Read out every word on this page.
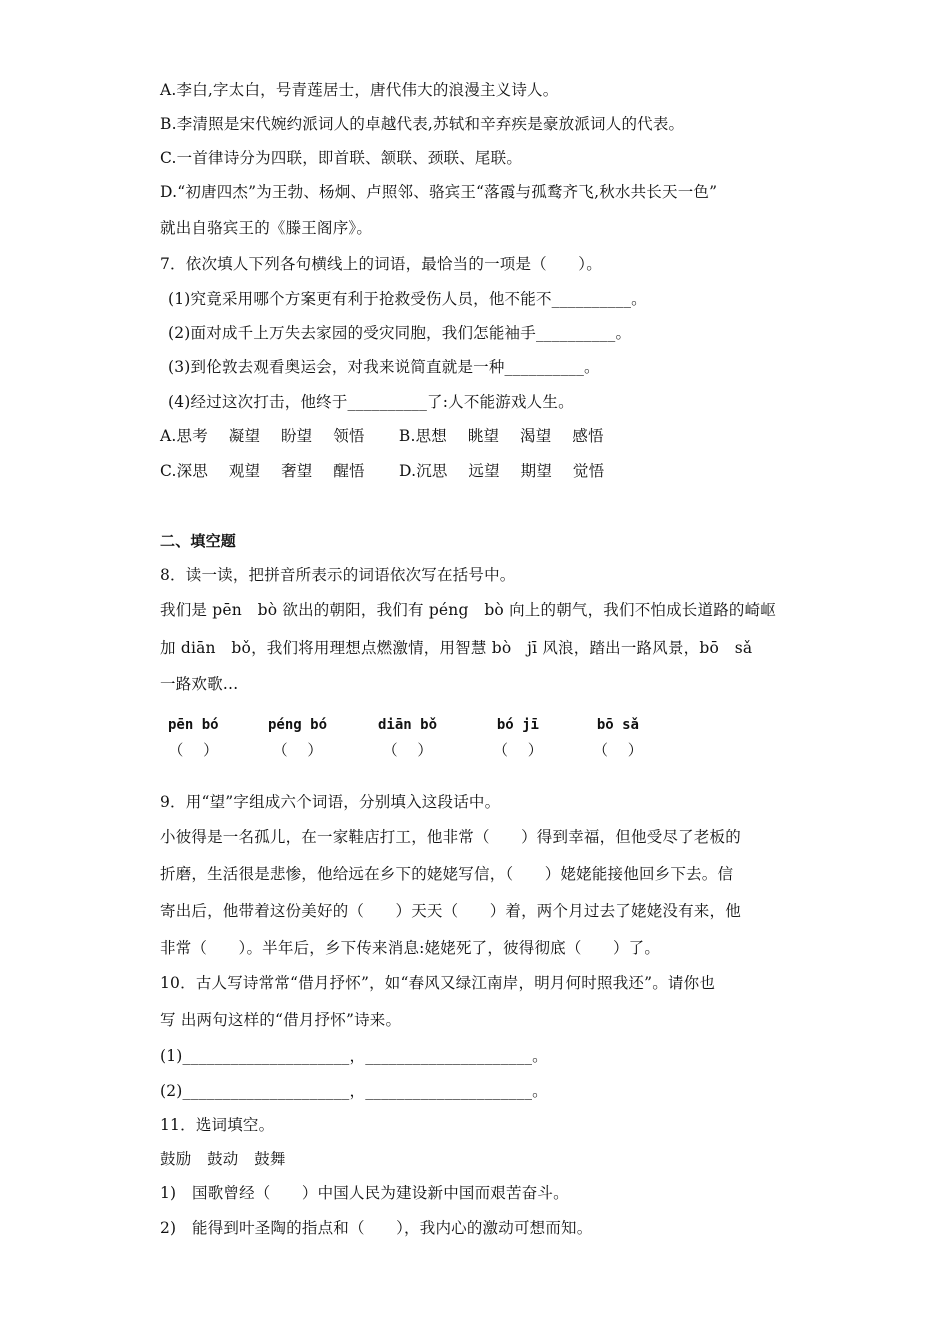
A.李白,字太白，号青莲居士，唐代伟大的浪漫主义诗人。
B.李清照是宋代婉约派词人的卓越代表,苏轼和辛弃疾是豪放派词人的代表。
C.一首律诗分为四联，即首联、颔联、颈联、尾联。
D.“初唐四杰”为王勃、杨炯、卢照邻、骆宾王“落霞与孤鹜齐飞,秋水共长天一色”
就出自骆宾王的《滕王阁序》。
7．依次填人下列各句横线上的词语，最恰当的一项是（　　）。
(1)究竟采用哪个方案更有利于抢救受伤人员，他不能不__________。
(2)面对成千上万失去家园的受灾同胞，我们怎能袖手__________。
(3)到伦敦去观看奥运会，对我来说简直就是一种__________。
(4)经过这次打击，他终于__________了:人不能游戏人生。
A.思考　 凝望　 盼望　 领悟 B.思想　 眺望　 渴望　 感悟
C.深思　 观望　 奢望　 醒悟 D.沉思　 远望　 期望　 觉悟
二、填空题
8．读一读，把拼音所表示的词语依次写在括号中。
我们是 pēn　bò 欲出的朝阳，我们有 péng　bò 向上的朝气，我们不怕成长道路的崎岖
加 diān　bǒ，我们将用理想点燃激情，用智慧 bò　jī 风浪，踏出一路风景，bō　sǎ
一路欢歌…
pēn bó
（　 ）
péng bó
（　 ）
diān bǒ
（　 ）
bó jī
（　 ）
bō sǎ
（　 ）
9．用“望”字组成六个词语，分别填入这段话中。
小彼得是一名孤儿，在一家鞋店打工，他非常（　　）得到幸福，但他受尽了老板的
折磨，生活很是悲惨，他给远在乡下的姥姥写信，（　　）姥姥能接他回乡下去。信
寄出后，他带着这份美好的（　　）天天（　　）着，两个月过去了姥姥没有来，他
非常（　　）。半年后，乡下传来消息:姥姥死了，彼得彻底（　　）了。
10．古人写诗常常“借月抒怀”，如“春风又绿江南岸，明月何时照我还”。请你也
写 出两句这样的“借月抒怀”诗来。
(1)_____________________，_____________________。
(2)_____________________，_____________________。
11．选词填空。
鼓励　鼓动　鼓舞
1)　国歌曾经（　　）中国人民为建设新中国而艰苦奋斗。
2)　能得到叶圣陶的指点和（　　），我内心的激动可想而知。
